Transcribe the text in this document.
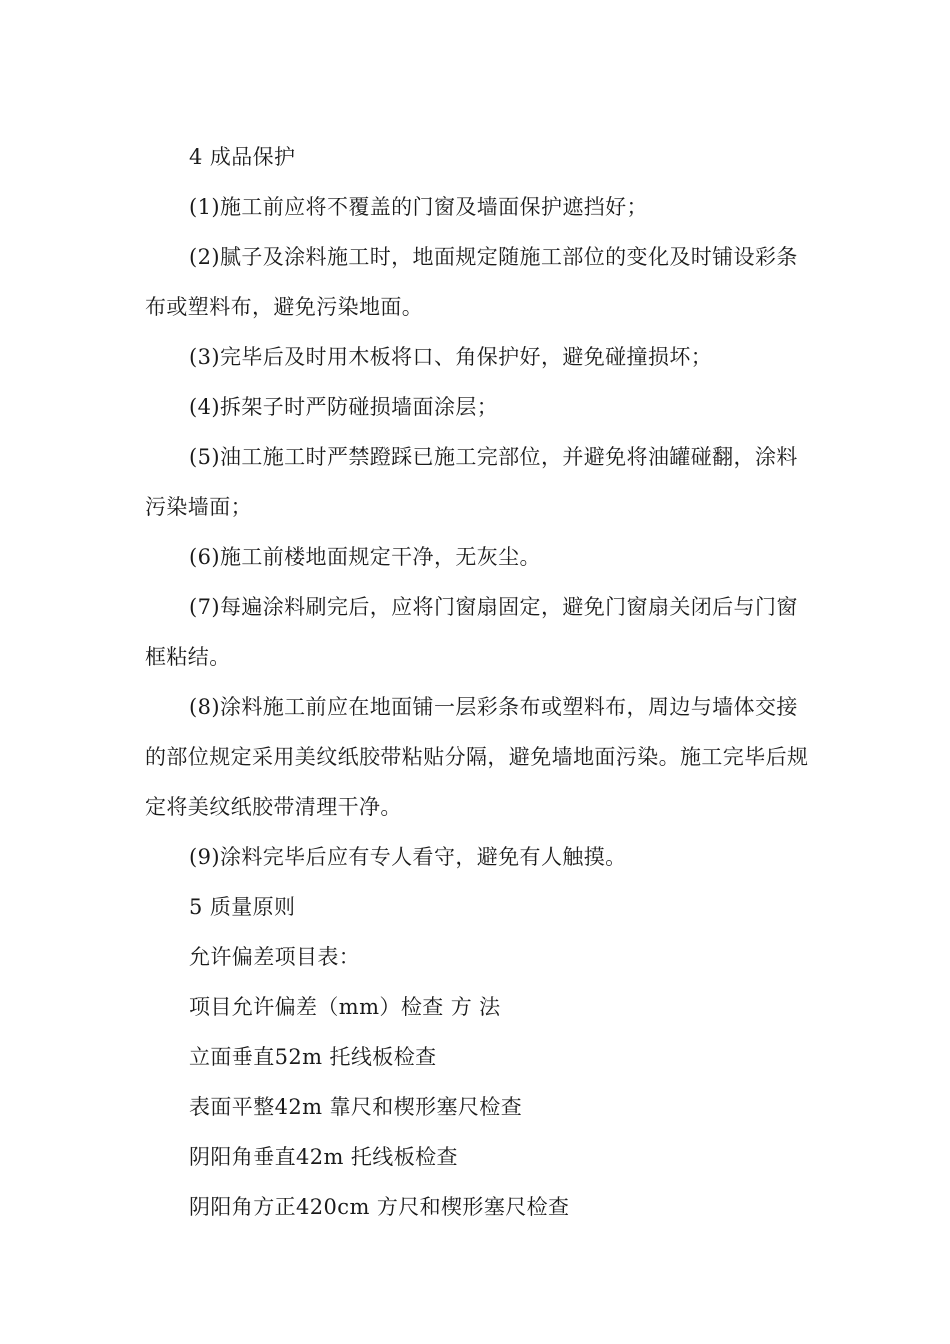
4 成品保护

(1)施工前应将不覆盖的门窗及墙面保护遮挡好；

(2)腻子及涂料施工时，地面规定随施工部位的变化及时铺设彩条布或塑料布，避免污染地面。

(3)完毕后及时用木板将口、角保护好，避免碰撞损坏；

(4)拆架子时严防碰损墙面涂层；

(5)油工施工时严禁蹬踩已施工完部位，并避免将油罐碰翻，涂料污染墙面；

(6)施工前楼地面规定干净，无灰尘。

(7)每遍涂料刷完后，应将门窗扇固定，避免门窗扇关闭后与门窗框粘结。

(8)涂料施工前应在地面铺一层彩条布或塑料布，周边与墙体交接的部位规定采用美纹纸胶带粘贴分隔，避免墙地面污染。施工完毕后规定将美纹纸胶带清理干净。

(9)涂料完毕后应有专人看守，避免有人触摸。

5 质量原则

允许偏差项目表：

项目允许偏差（mm）检查 方 法

立面垂直52m 托线板检查

表面平整42m 靠尺和楔形塞尺检查

阴阳角垂直42m 托线板检查

阴阳角方正420cm 方尺和楔形塞尺检查
